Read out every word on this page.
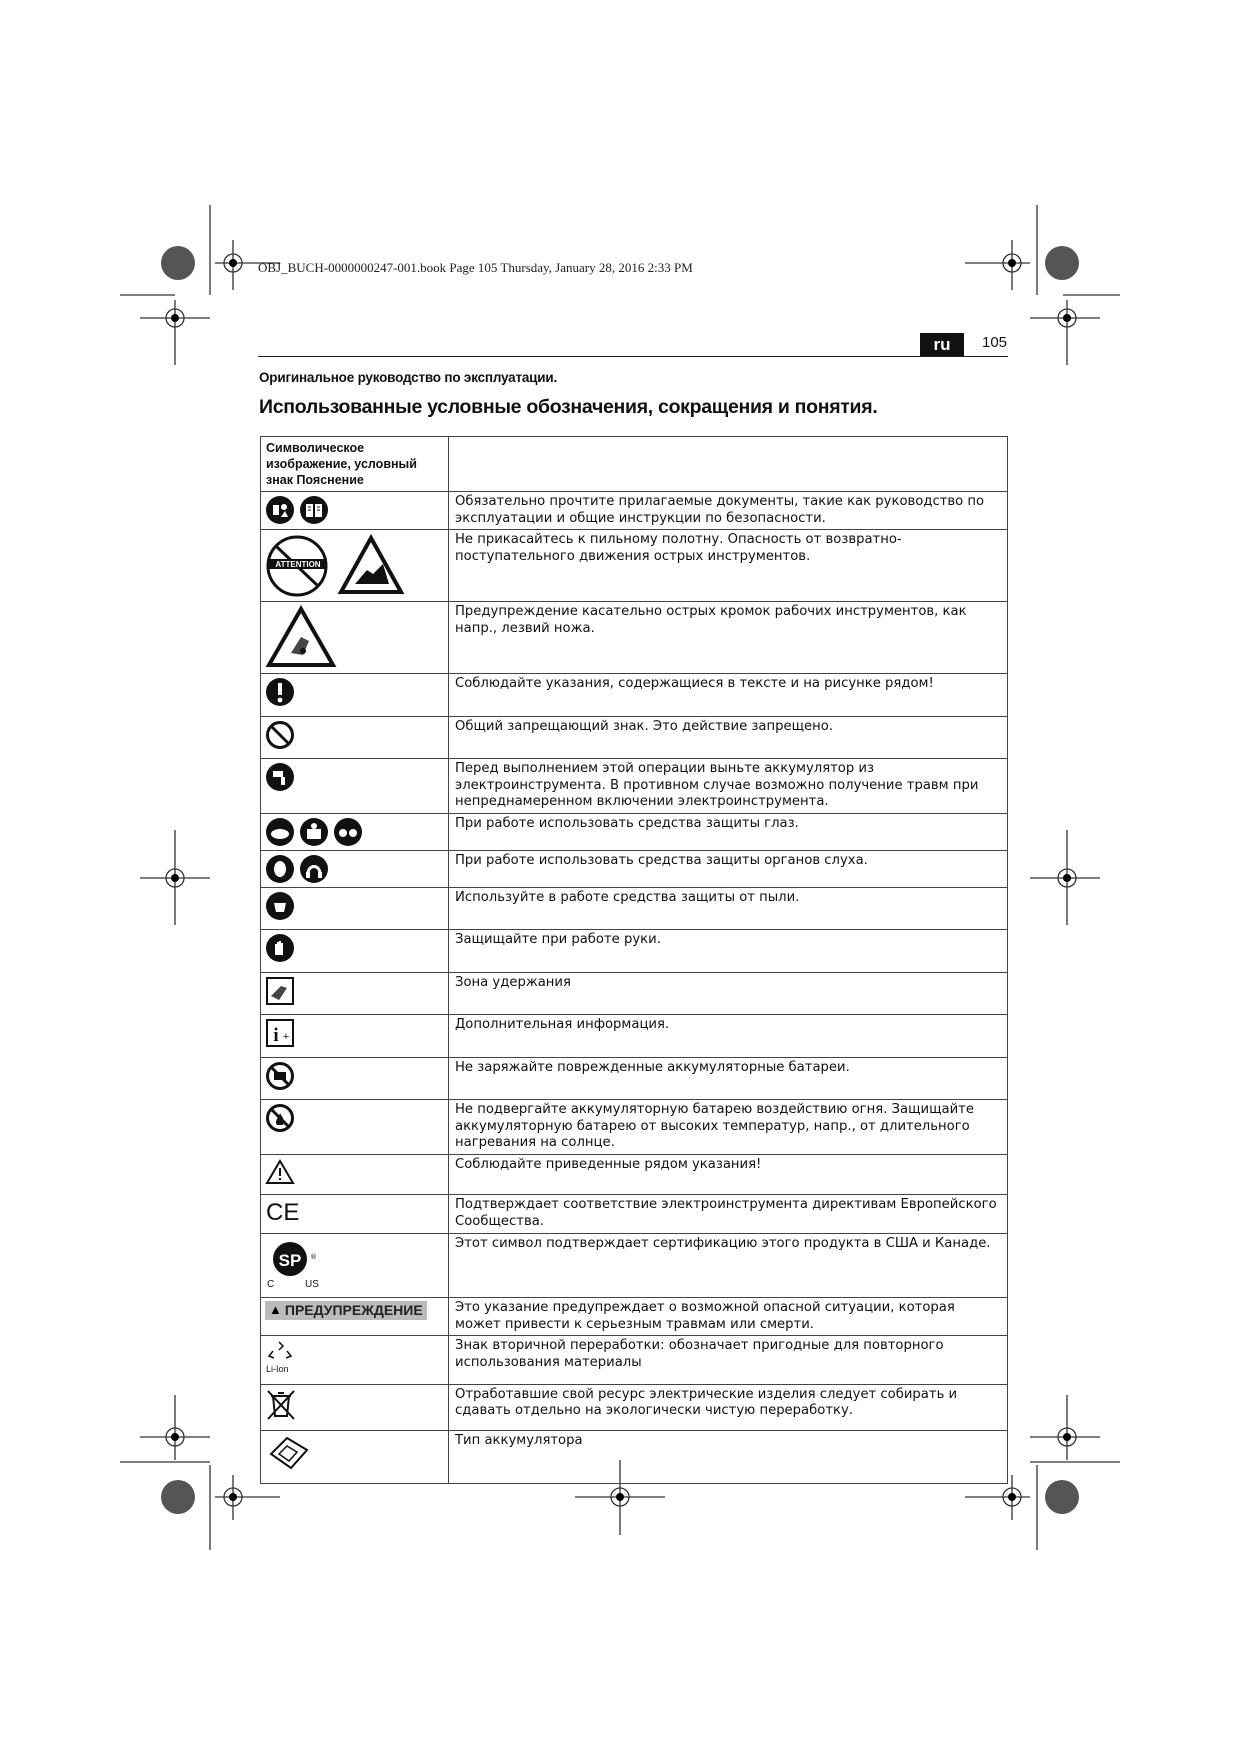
OBJ_BUCH-0000000247-001.book Page 105 Thursday, January 28, 2016 2:33 PM
ru	105
Оригинальное руководство по эксплуатации.
Использованные условные обозначения, сокращения и понятия.
Символическое изображение, условный знак Пояснение	

	Обязательно прочтите прилагаемые документы, такие как руководство по эксплуатации и общие инструкции по безопасности.

ATTENTION	Не прикасайтесь к пильному полотну. Опасность от возвратно-поступательного движения острых инструментов.

	Предупреждение касательно острых кромок рабочих инструментов, как напр., лезвий ножа.
	Соблюдайте указания, содержащиеся в тексте и на рисунке рядом!
	Общий запрещающий знак. Это действие запрещено.
	Перед выполнением этой операции выньте аккумулятор из электроинструмента. В противном случае возможно получение травм при непреднамеренном включении электроинструмента.

	При работе использовать средства защиты глаз.

	При работе использовать средства защиты органов слуха.
	Используйте в работе средства защиты от пыли.
	Защищайте при работе руки.
	Зона удержания

i +	Дополнительная информация.
	Не заряжайте поврежденные аккумуляторные батареи.
	Не подвергайте аккумуляторную батарею воздействию огня. Защищайте аккумуляторную батарею от высоких температур, напр., от длительного нагревания на солнце.
	Соблюдайте приведенные рядом указания!

CE	Подтверждает соответствие электроинструмента директивам Европейского Сообщества.

SP ®
C US	Этот символ подтверждает сертификацию этого продукта в США и Канаде.

▲ ПРЕДУПРЕЖДЕНИЕ	Это указание предупреждает о возможной опасной ситуации, которая может привести к серьезным травмам или смерти.

Li-Ion	Знак вторичной переработки: обозначает пригодные для повторного использования материалы
	Отработавшие свой ресурс электрические изделия следует собирать и сдавать отдельно на экологически чистую переработку.
	Тип аккумулятора
